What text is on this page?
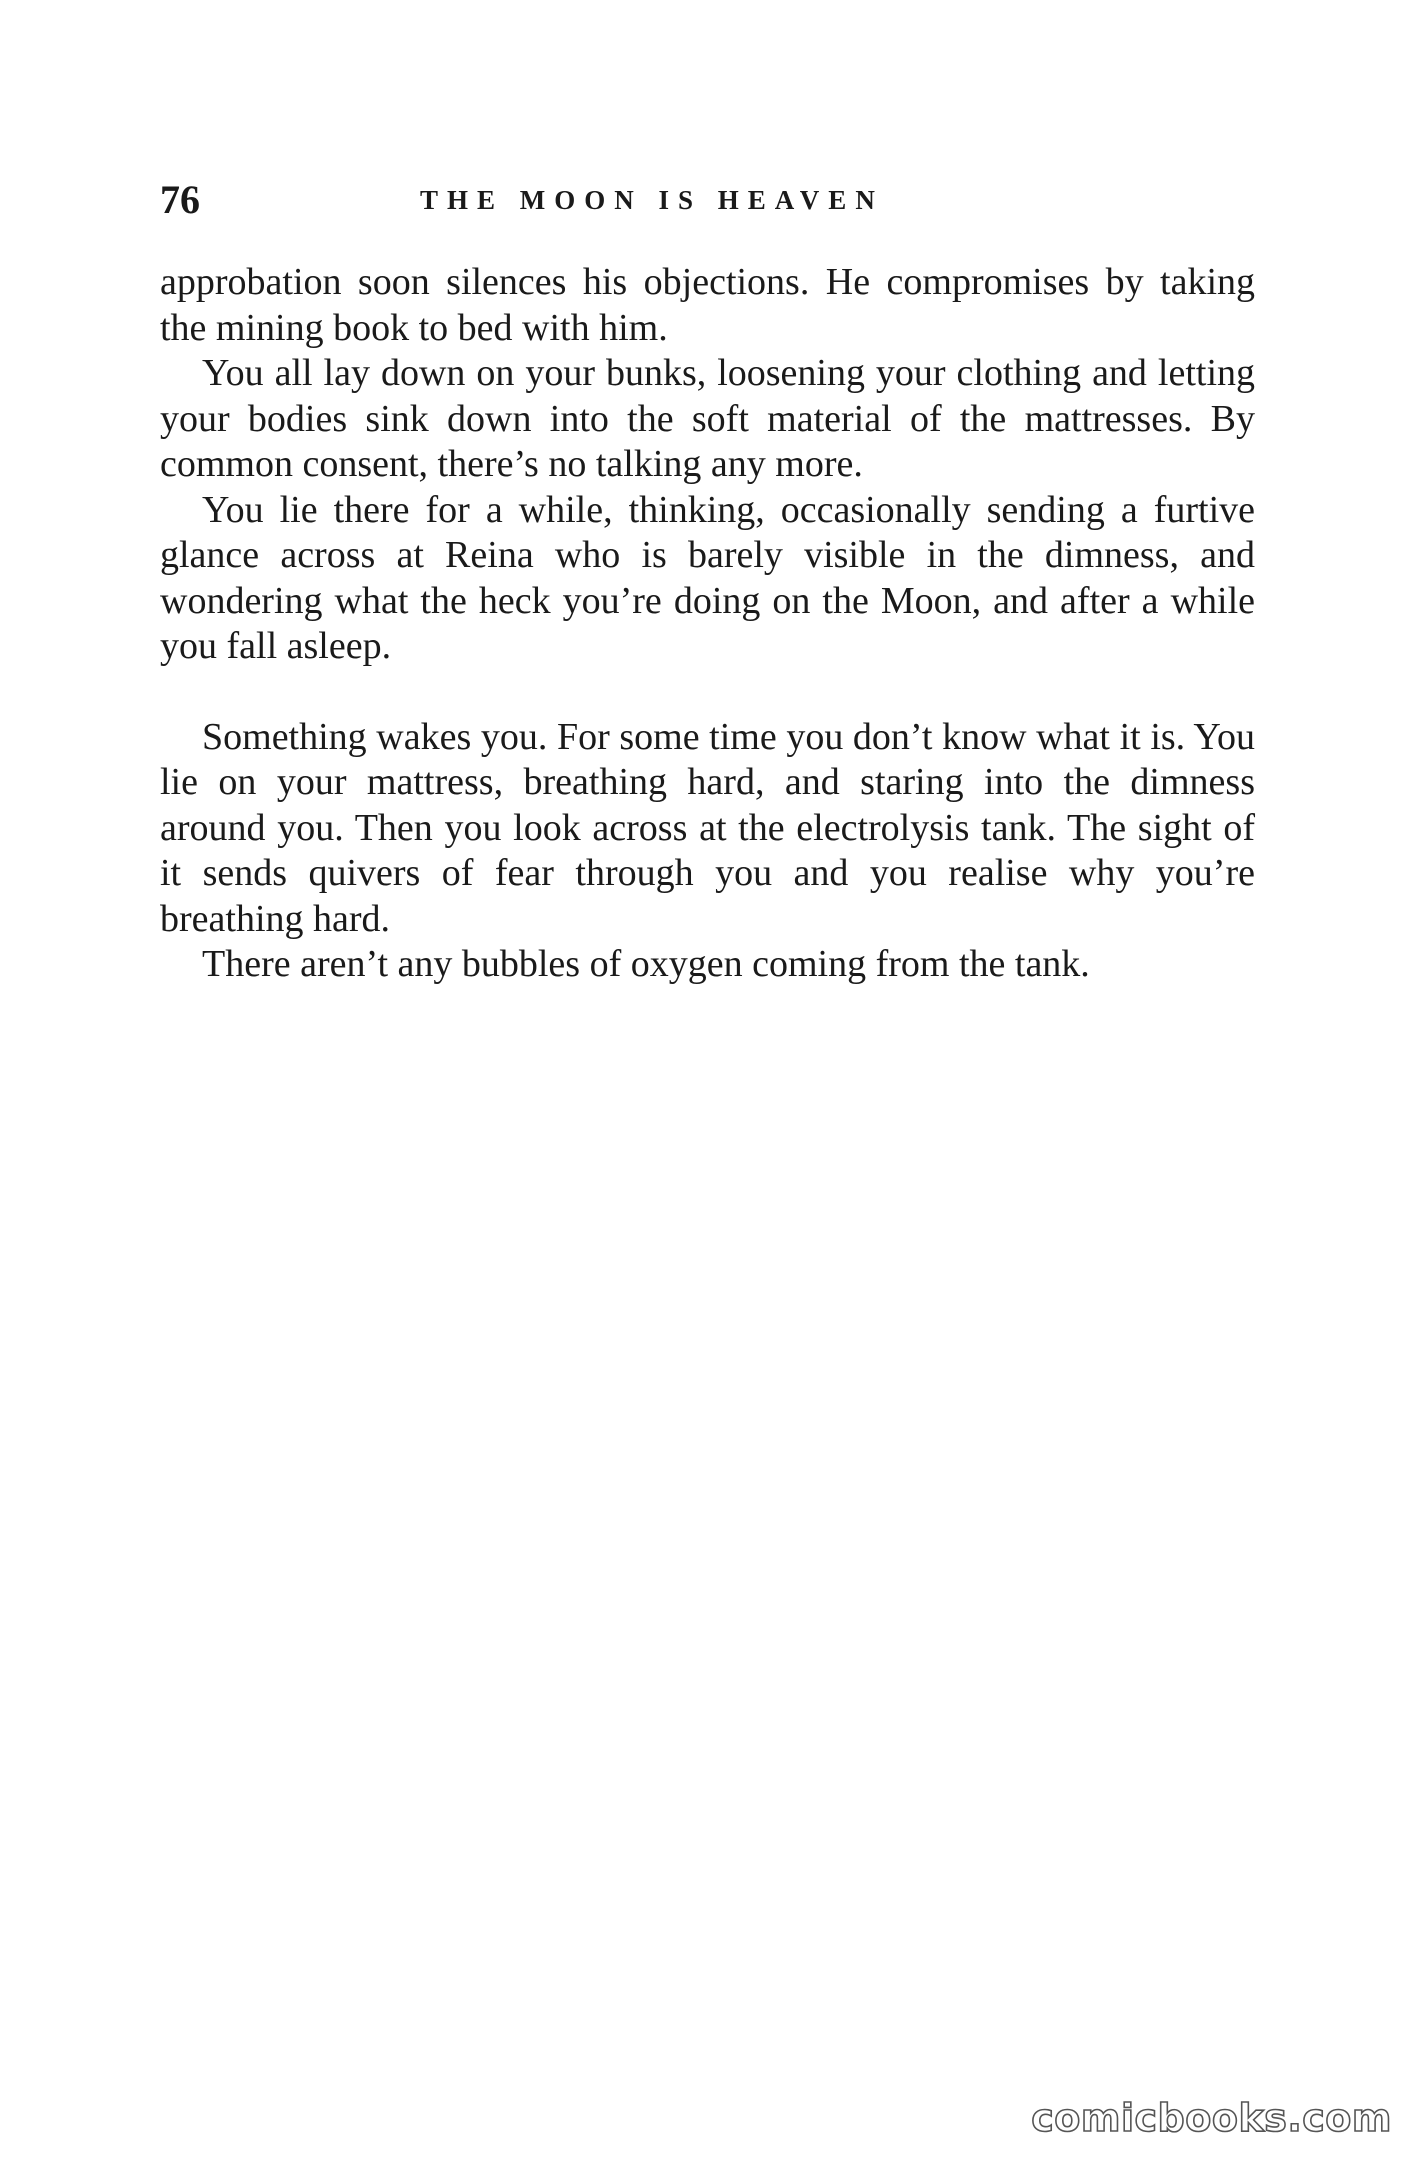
76	THE MOON IS HEAVEN

approbation soon silences his objections. He compromises by taking the mining book to bed with him.

You all lay down on your bunks, loosening your clothing and letting your bodies sink down into the soft material of the mattresses. By common consent, there’s no talking any more.

You lie there for a while, thinking, occasionally sending a furtive glance across at Reina who is barely visible in the dimness, and wondering what the heck you’re doing on the Moon, and after a while you fall asleep.

Something wakes you. For some time you don’t know what it is. You lie on your mattress, breathing hard, and staring into the dimness around you. Then you look across at the electrolysis tank. The sight of it sends quivers of fear through you and you realise why you’re breathing hard.

There aren’t any bubbles of oxygen coming from the tank.

comicbooks.com
